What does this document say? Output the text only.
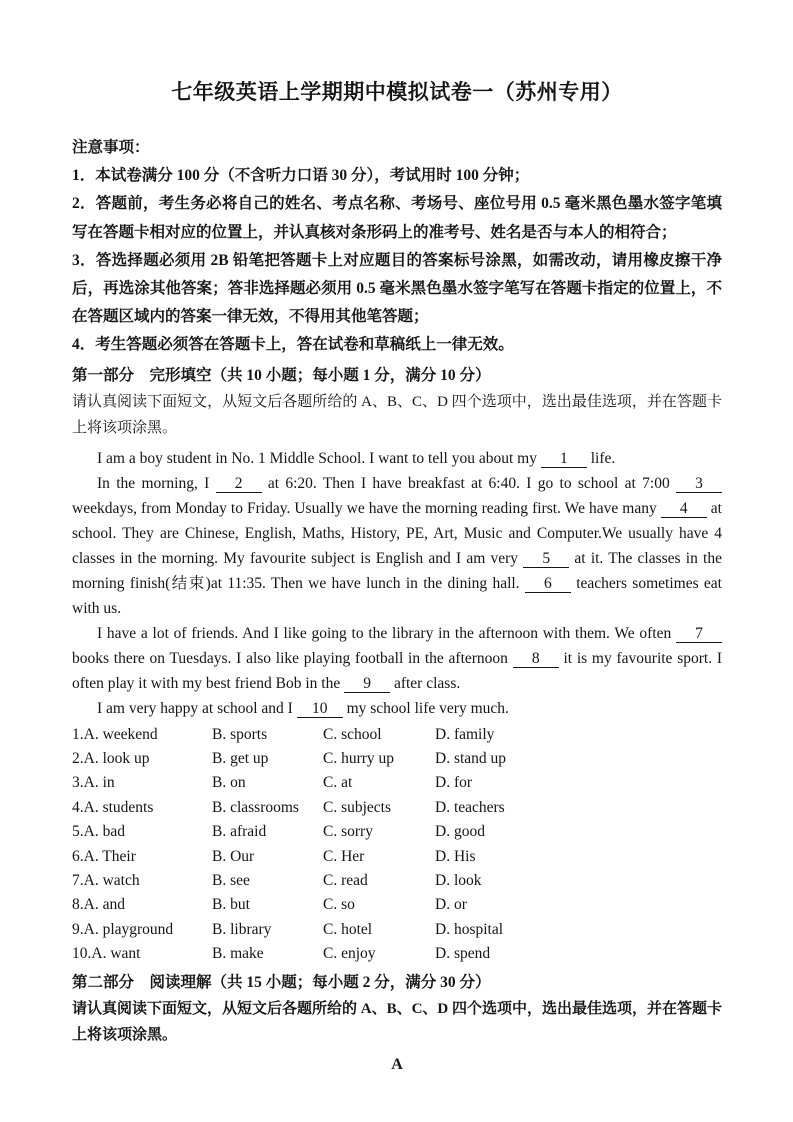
七年级英语上学期期中模拟试卷一（苏州专用）

注意事项：

1．本试卷满分 100 分（不含听力口语 30 分），考试用时 100 分钟；

2．答题前，考生务必将自己的姓名、考点名称、考场号、座位号用 0.5 毫米黑色墨水签字笔填写在答题卡相对应的位置上，并认真核对条形码上的准考号、姓名是否与本人的相符合；

3．答选择题必须用 2B 铅笔把答题卡上对应题目的答案标号涂黑，如需改动，请用橡皮擦干净后，再选涂其他答案；答非选择题必须用 0.5 毫米黑色墨水签字笔写在答题卡指定的位置上，不在答题区域内的答案一律无效，不得用其他笔答题；

4．考生答题必须答在答题卡上，答在试卷和草稿纸上一律无效。

第一部分　完形填空（共 10 小题；每小题 1 分，满分 10 分）

请认真阅读下面短文，从短文后各题所给的 A、B、C、D 四个选项中，选出最佳选项，并在答题卡上将该项涂黑。

I am a boy student in No. 1 Middle School. I want to tell you about my 1 life.

In the morning, I 2 at 6:20. Then I have breakfast at 6:40. I go to school at 7:00 3 weekdays, from Monday to Friday. Usually we have the morning reading first. We have many 4 at school. They are Chinese, English, Maths, History, PE, Art, Music and Computer.We usually have 4 classes in the morning. My favourite subject is English and I am very 5 at it. The classes in the morning finish(结束)at 11:35. Then we have lunch in the dining hall. 6 teachers sometimes eat with us.

I have a lot of friends. And I like going to the library in the afternoon with them. We often 7 books there on Tuesdays. I also like playing football in the afternoon 8 it is my favourite sport. I often play it with my best friend Bob in the 9 after class.

I am very happy at school and I 10 my school life very much.

1.A. weekend	B. sports	C. school	D. family
2.A. look up	B. get up	C. hurry up	D. stand up
3.A. in	B. on	C. at	D. for
4.A. students	B. classrooms	C. subjects	D. teachers
5.A. bad	B. afraid	C. sorry	D. good
6.A. Their	B. Our	C. Her	D. His
7.A. watch	B. see	C. read	D. look
8.A. and	B. but	C. so	D. or
9.A. playground	B. library	C. hotel	D. hospital
10.A. want	B. make	C. enjoy	D. spend

第二部分　阅读理解（共 15 小题；每小题 2 分，满分 30 分）

请认真阅读下面短文，从短文后各题所给的 A、B、C、D 四个选项中，选出最佳选项，并在答题卡上将该项涂黑。

A
